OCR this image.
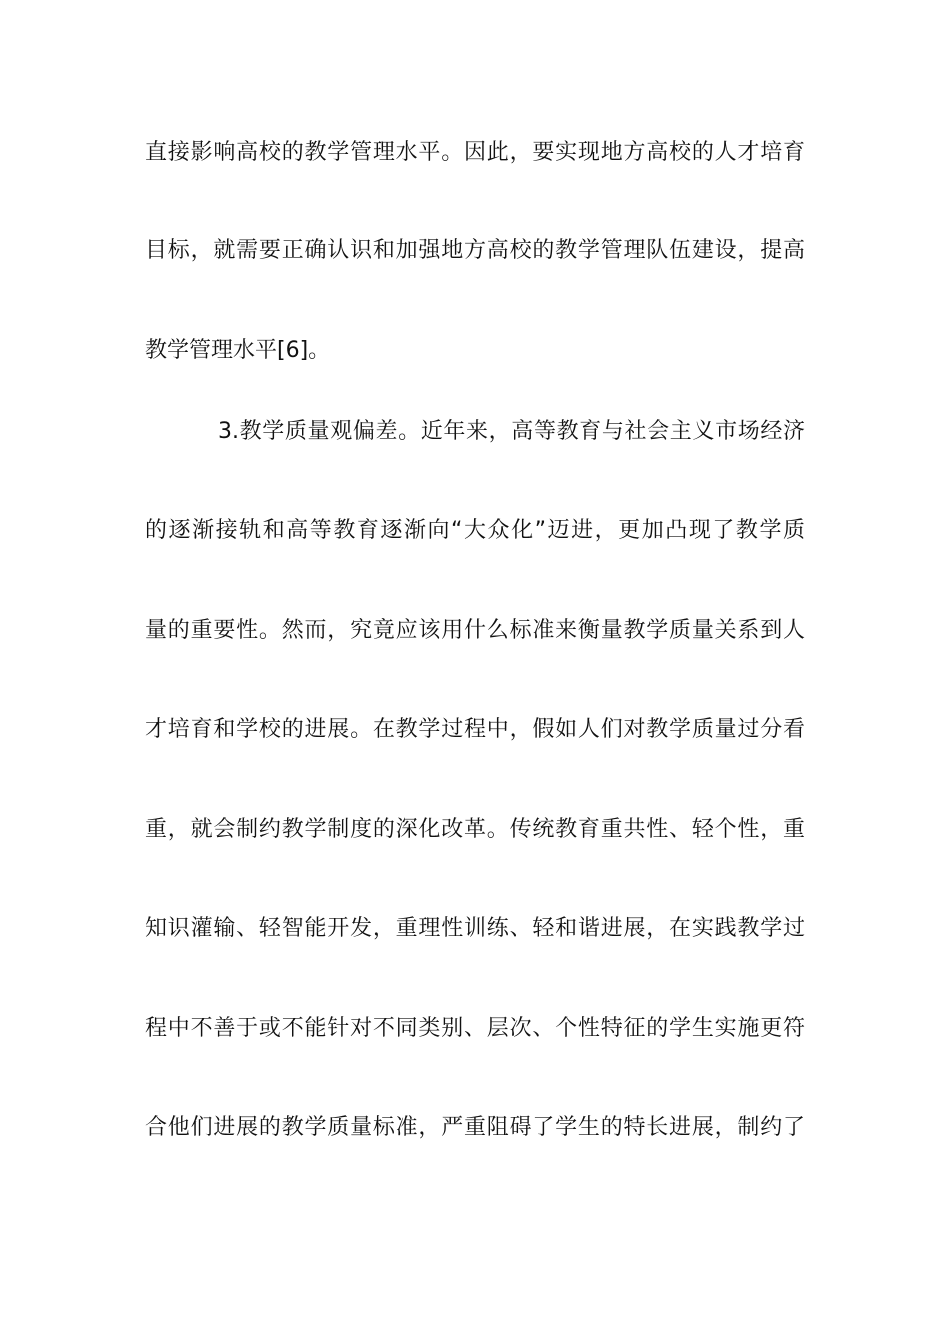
直接影响高校的教学管理水平。因此，要实现地方高校的人才培育
目标，就需要正确认识和加强地方高校的教学管理队伍建设，提高
教学管理水平[6]。
3.教学质量观偏差。近年来，高等教育与社会主义市场经济
的逐渐接轨和高等教育逐渐向“大众化”迈进，更加凸现了教学质
量的重要性。然而，究竟应该用什么标准来衡量教学质量关系到人
才培育和学校的进展。在教学过程中，假如人们对教学质量过分看
重，就会制约教学制度的深化改革。传统教育重共性、轻个性，重
知识灌输、轻智能开发，重理性训练、轻和谐进展，在实践教学过
程中不善于或不能针对不同类别、层次、个性特征的学生实施更符
合他们进展的教学质量标准，严重阻碍了学生的特长进展，制约了
